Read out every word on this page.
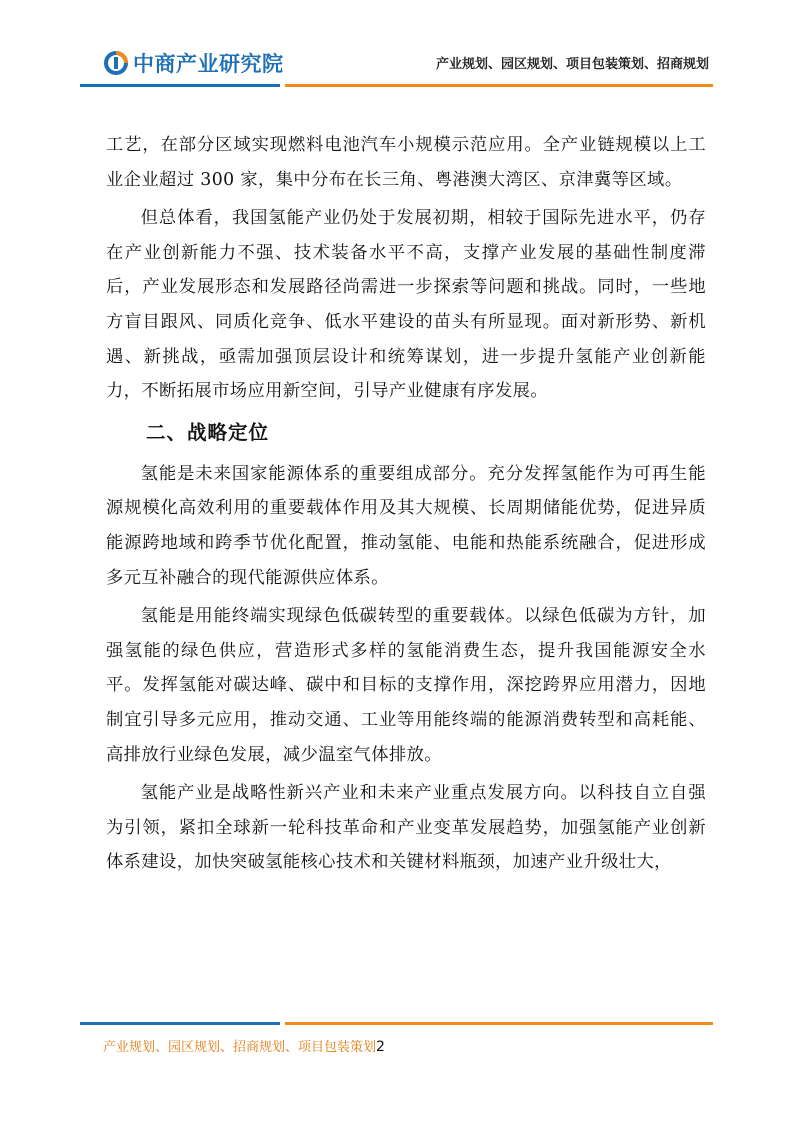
中商产业研究院	产业规划、园区规划、项目包装策划、招商规划

工艺，在部分区域实现燃料电池汽车小规模示范应用。全产业链规模以上工业企业超过 300 家，集中分布在长三角、粤港澳大湾区、京津冀等区域。

但总体看，我国氢能产业仍处于发展初期，相较于国际先进水平，仍存在产业创新能力不强、技术装备水平不高，支撑产业发展的基础性制度滞后，产业发展形态和发展路径尚需进一步探索等问题和挑战。同时，一些地方盲目跟风、同质化竞争、低水平建设的苗头有所显现。面对新形势、新机遇、新挑战，亟需加强顶层设计和统筹谋划，进一步提升氢能产业创新能力，不断拓展市场应用新空间，引导产业健康有序发展。

二、战略定位

氢能是未来国家能源体系的重要组成部分。充分发挥氢能作为可再生能源规模化高效利用的重要载体作用及其大规模、长周期储能优势，促进异质能源跨地域和跨季节优化配置，推动氢能、电能和热能系统融合，促进形成多元互补融合的现代能源供应体系。

氢能是用能终端实现绿色低碳转型的重要载体。以绿色低碳为方针，加强氢能的绿色供应，营造形式多样的氢能消费生态，提升我国能源安全水平。发挥氢能对碳达峰、碳中和目标的支撑作用，深挖跨界应用潜力，因地制宜引导多元应用，推动交通、工业等用能终端的能源消费转型和高耗能、高排放行业绿色发展，减少温室气体排放。

氢能产业是战略性新兴产业和未来产业重点发展方向。以科技自立自强为引领，紧扣全球新一轮科技革命和产业变革发展趋势，加强氢能产业创新体系建设，加快突破氢能核心技术和关键材料瓶颈，加速产业升级壮大，

产业规划、园区规划、招商规划、项目包装策划2
